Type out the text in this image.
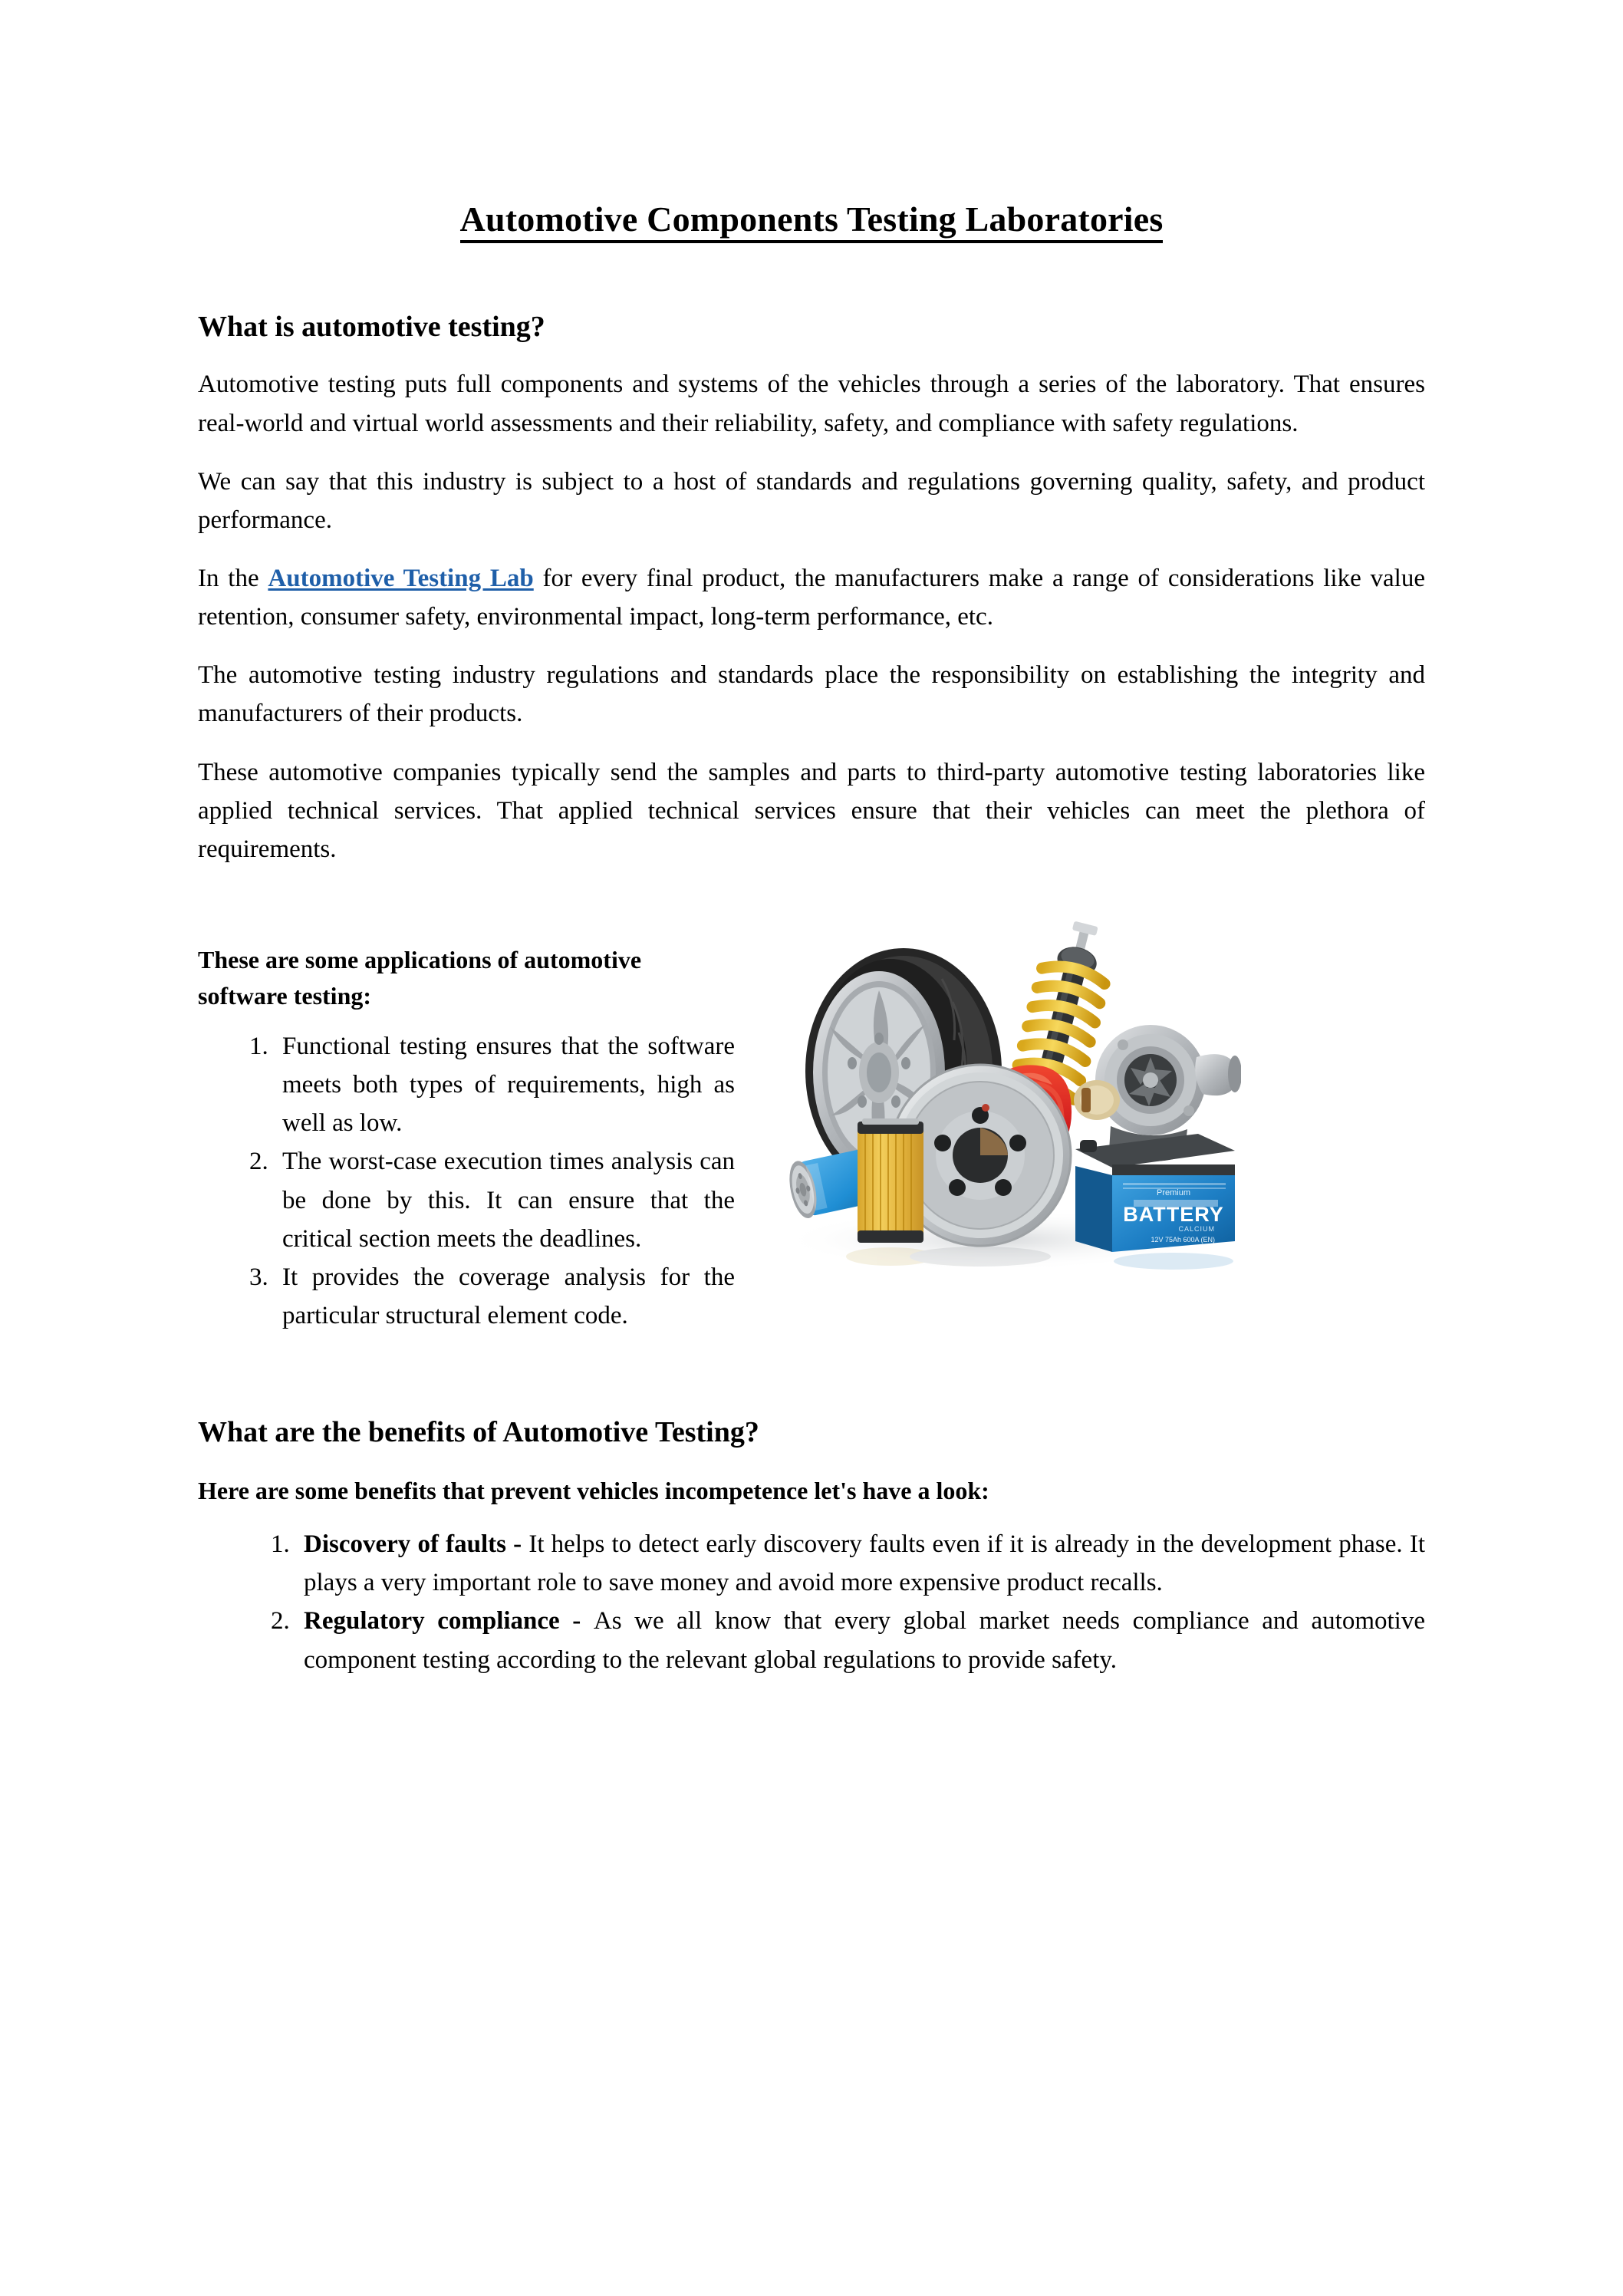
Automotive Components Testing Laboratories
What is automotive testing?

Automotive testing puts full components and systems of the vehicles through a series of the laboratory. That ensures real-world and virtual world assessments and their reliability, safety, and compliance with safety regulations.

We can say that this industry is subject to a host of standards and regulations governing quality, safety, and product performance.

In the Automotive Testing Lab for every final product, the manufacturers make a range of considerations like value retention, consumer safety, environmental impact, long-term performance, etc.

The automotive testing industry regulations and standards place the responsibility on establishing the integrity and manufacturers of their products.

These automotive companies typically send the samples and parts to third-party automotive testing laboratories like applied technical services. That applied technical services ensure that their vehicles can meet the plethora of requirements.

These are some applications of automotive software testing:

1. Functional testing ensures that the software meets both types of requirements, high as well as low.
2. The worst-case execution times analysis can be done by this. It can ensure that the critical section meets the deadlines.
3. It provides the coverage analysis for the particular structural element code.
Premium
BATTERY
CALCIUM
12V 75Ah 600A (EN)
What are the benefits of Automotive Testing?

Here are some benefits that prevent vehicles incompetence let's have a look:

1. Discovery of faults - It helps to detect early discovery faults even if it is already in the development phase. It plays a very important role to save money and avoid more expensive product recalls.
2. Regulatory compliance - As we all know that every global market needs compliance and automotive component testing according to the relevant global regulations to provide safety.
